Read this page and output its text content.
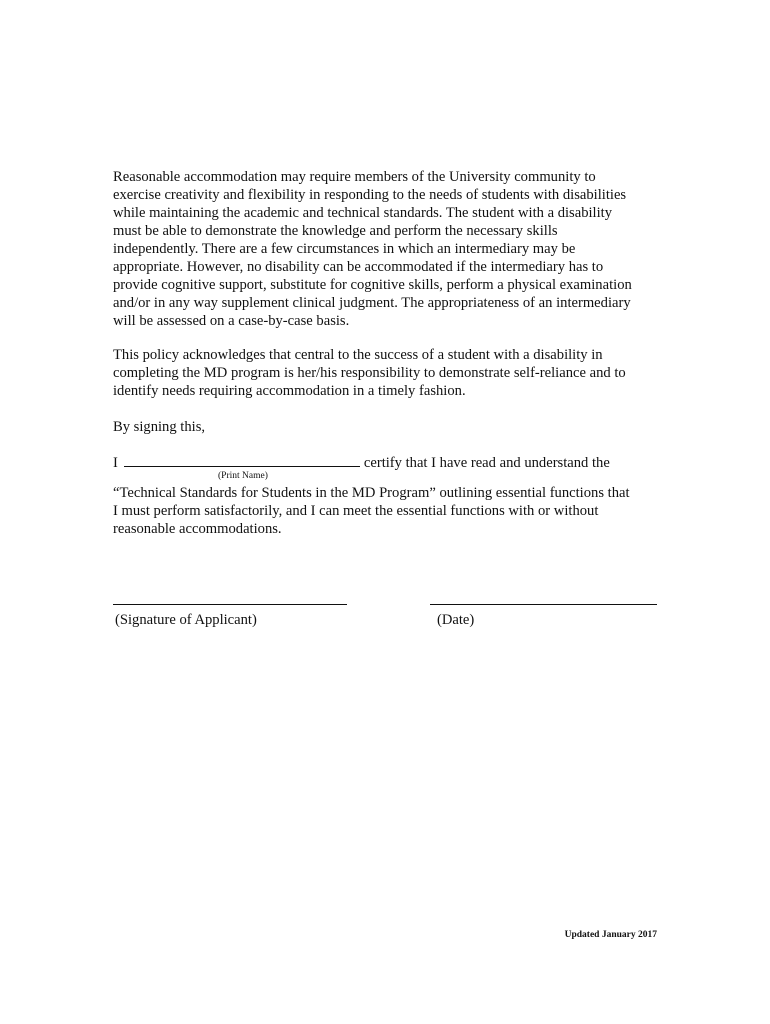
Reasonable accommodation may require members of the University community to
exercise creativity and flexibility in responding to the needs of students with disabilities
while maintaining the academic and technical standards. The student with a disability
must be able to demonstrate the knowledge and perform the necessary skills
independently. There are a few circumstances in which an intermediary may be
appropriate. However, no disability can be accommodated if the intermediary has to
provide cognitive support, substitute for cognitive skills, perform a physical examination
and/or in any way supplement clinical judgment. The appropriateness of an intermediary
will be assessed on a case-by-case basis.

This policy acknowledges that central to the success of a student with a disability in
completing the MD program is her/his responsibility to demonstrate self-reliance and to
identify needs requiring accommodation in a timely fashion.

By signing this,

I	certify that I have read and understand the
(Print Name)

“Technical Standards for Students in the MD Program” outlining essential functions that
I must perform satisfactorily, and I can meet the essential functions with or without
reasonable accommodations.

(Signature of Applicant)	(Date)
Updated January 2017
